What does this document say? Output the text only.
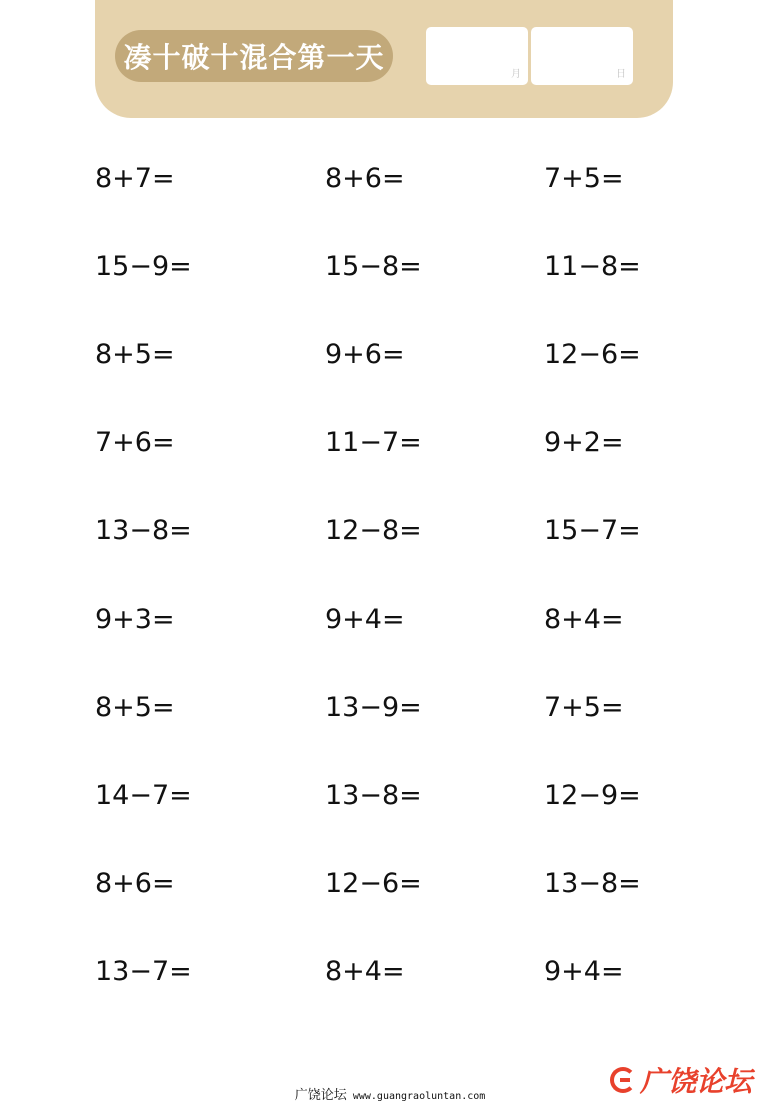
凑十破十混合第一天
月	日
8+7=	8+6=	7+5=
15−9=	15−8=	11−8=
8+5=	9+6=	12−6=
7+6=	11−7=	9+2=
13−8=	12−8=	15−7=
9+3=	9+4=	8+4=
8+5=	13−9=	7+5=
14−7=	13−8=	12−9=
8+6=	12−6=	13−8=
13−7=	8+4=	9+4=
广饶论坛 www.guangraoluntan.com	广饶论坛
